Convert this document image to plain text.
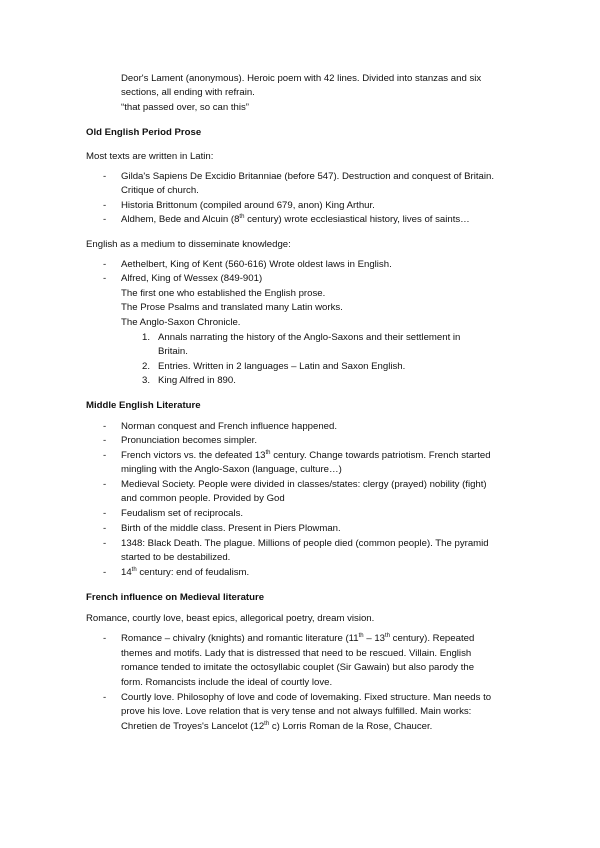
Deor's Lament (anonymous). Heroic poem with 42 lines. Divided into stanzas and six
sections, all ending with refrain.
“that passed over, so can this”
Old English Period Prose
Most texts are written in Latin:
- Gilda's Sapiens De Excidio Britanniae (before 547). Destruction and conquest of Britain.
Critique of church.
- Historia Brittonum (compiled around 679, anon) King Arthur.
- Aldhem, Bede and Alcuin (8th century) wrote ecclesiastical history, lives of saints…
English as a medium to disseminate knowledge:
- Aethelbert, King of Kent (560-616) Wrote oldest laws in English.
- Alfred, King of Wessex (849-901)
The first one who established the English prose.
The Prose Psalms and translated many Latin works.
The Anglo-Saxon Chronicle.
1. Annals narrating the history of the Anglo-Saxons and their settlement in
Britain.
2. Entries. Written in 2 languages – Latin and Saxon English.
3. King Alfred in 890.
Middle English Literature
- Norman conquest and French influence happened.
- Pronunciation becomes simpler.
- French victors vs. the defeated 13th century. Change towards patriotism. French started
mingling with the Anglo-Saxon (language, culture…)
- Medieval Society. People were divided in classes/states: clergy (prayed) nobility (fight)
and common people. Provided by God
- Feudalism set of reciprocals.
- Birth of the middle class. Present in Piers Plowman.
- 1348: Black Death. The plague. Millions of people died (common people). The pyramid
started to be destabilized.
- 14th century: end of feudalism.
French influence on Medieval literature
Romance, courtly love, beast epics, allegorical poetry, dream vision.
- Romance – chivalry (knights) and romantic literature (11th – 13th century). Repeated
themes and motifs. Lady that is distressed that need to be rescued. Villain. English
romance tended to imitate the octosyllabic couplet (Sir Gawain) but also parody the
form. Romancists include the ideal of courtly love.
- Courtly love. Philosophy of love and code of lovemaking. Fixed structure. Man needs to
prove his love. Love relation that is very tense and not always fulfilled. Main works:
Chretien de Troyes's Lancelot (12th c) Lorris Roman de la Rose, Chaucer.
